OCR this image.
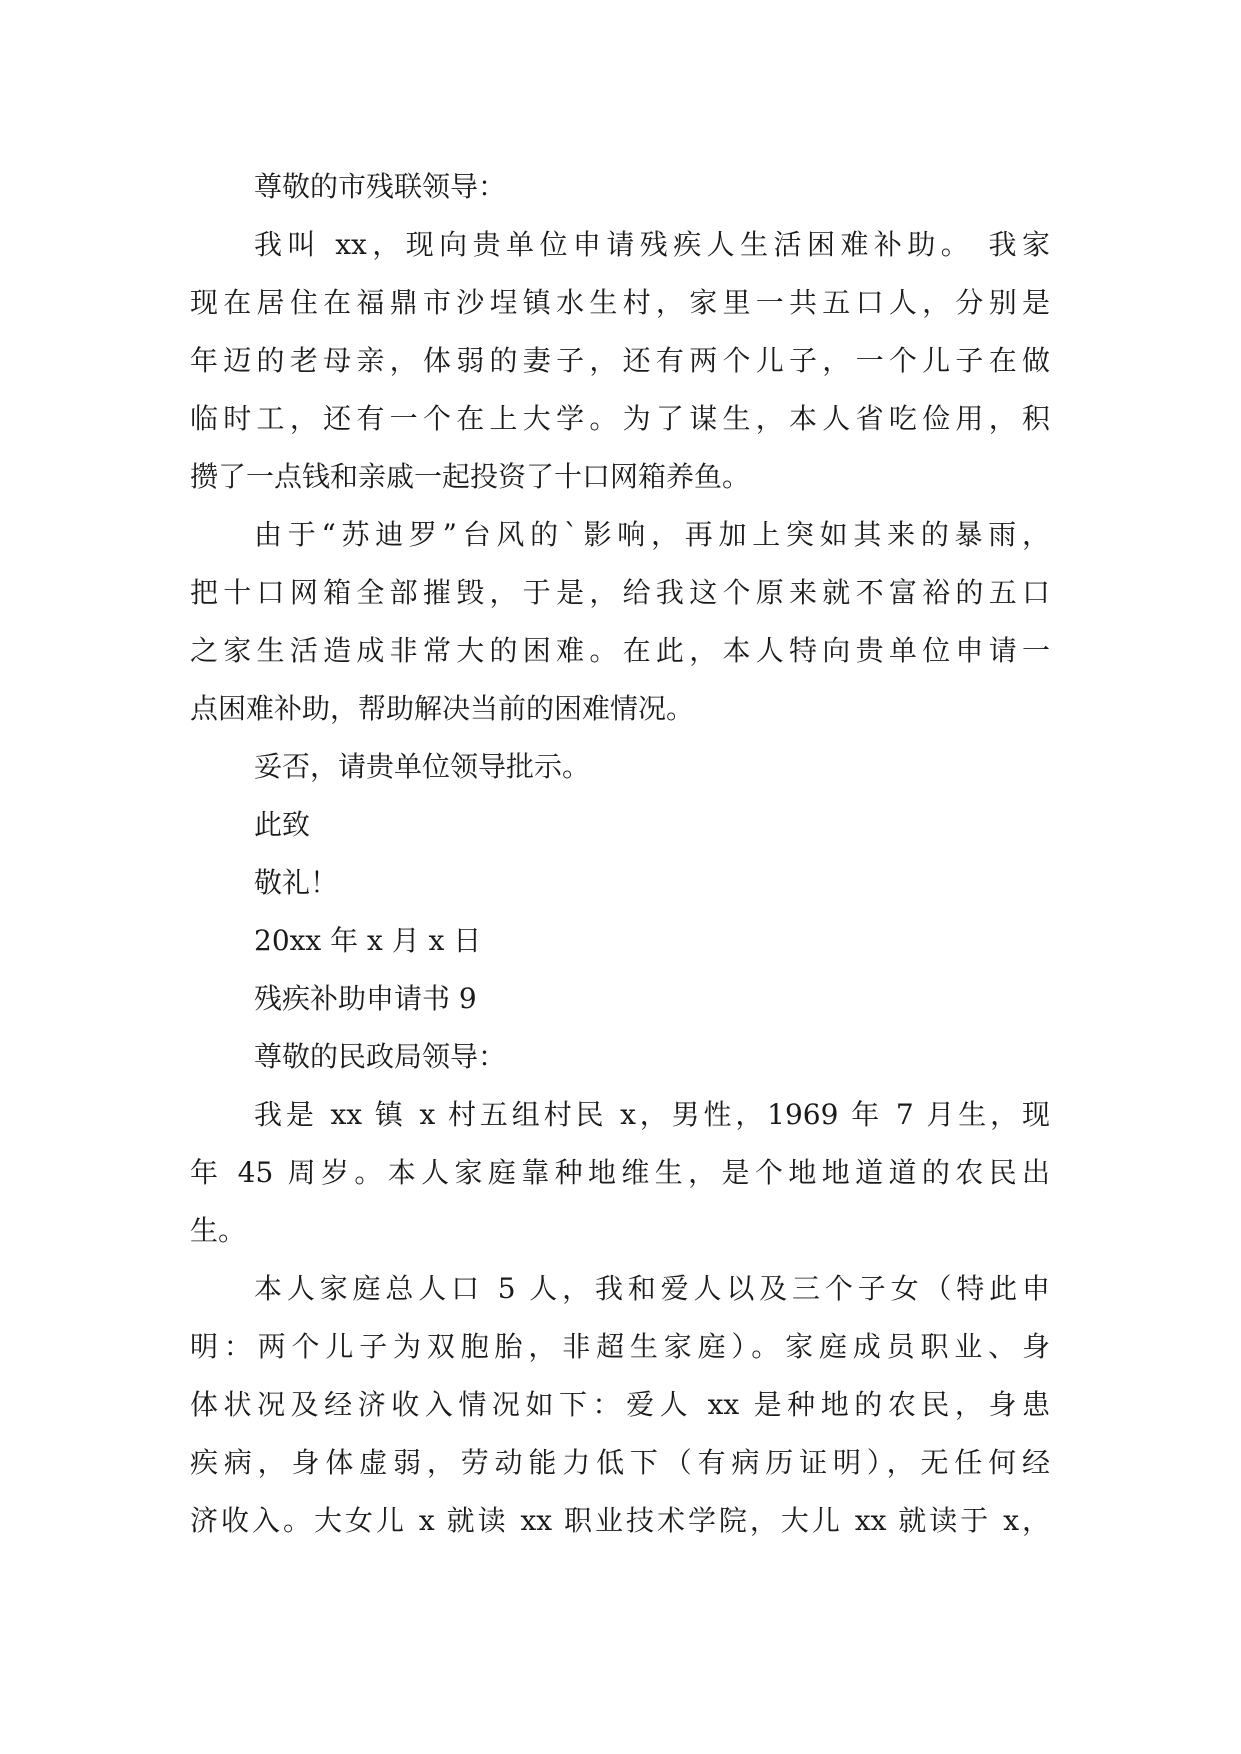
尊敬的市残联领导：
我叫 xx，现向贵单位申请残疾人生活困难补助。 我家
现在居住在福鼎市沙埕镇水生村，家里一共五口人，分别是
年迈的老母亲，体弱的妻子，还有两个儿子，一个儿子在做
临时工，还有一个在上大学。为了谋生，本人省吃俭用，积
攒了一点钱和亲戚一起投资了十口网箱养鱼。
由于“苏迪罗”台风的`影响，再加上突如其来的暴雨，
把十口网箱全部摧毁，于是，给我这个原来就不富裕的五口
之家生活造成非常大的困难。在此，本人特向贵单位申请一
点困难补助，帮助解决当前的困难情况。
妥否，请贵单位领导批示。
此致
敬礼！
20xx 年 x 月 x 日
残疾补助申请书 9
尊敬的民政局领导：
我是 xx 镇 x 村五组村民 x，男性，1969 年 7 月生，现
年 45 周岁。本人家庭靠种地维生，是个地地道道的农民出
生。
本人家庭总人口 5 人，我和爱人以及三个子女（特此申
明：两个儿子为双胞胎，非超生家庭）。家庭成员职业、身
体状况及经济收入情况如下：爱人 xx 是种地的农民，身患
疾病，身体虚弱，劳动能力低下（有病历证明），无任何经
济收入。大女儿 x 就读 xx 职业技术学院，大儿 xx 就读于 x，
